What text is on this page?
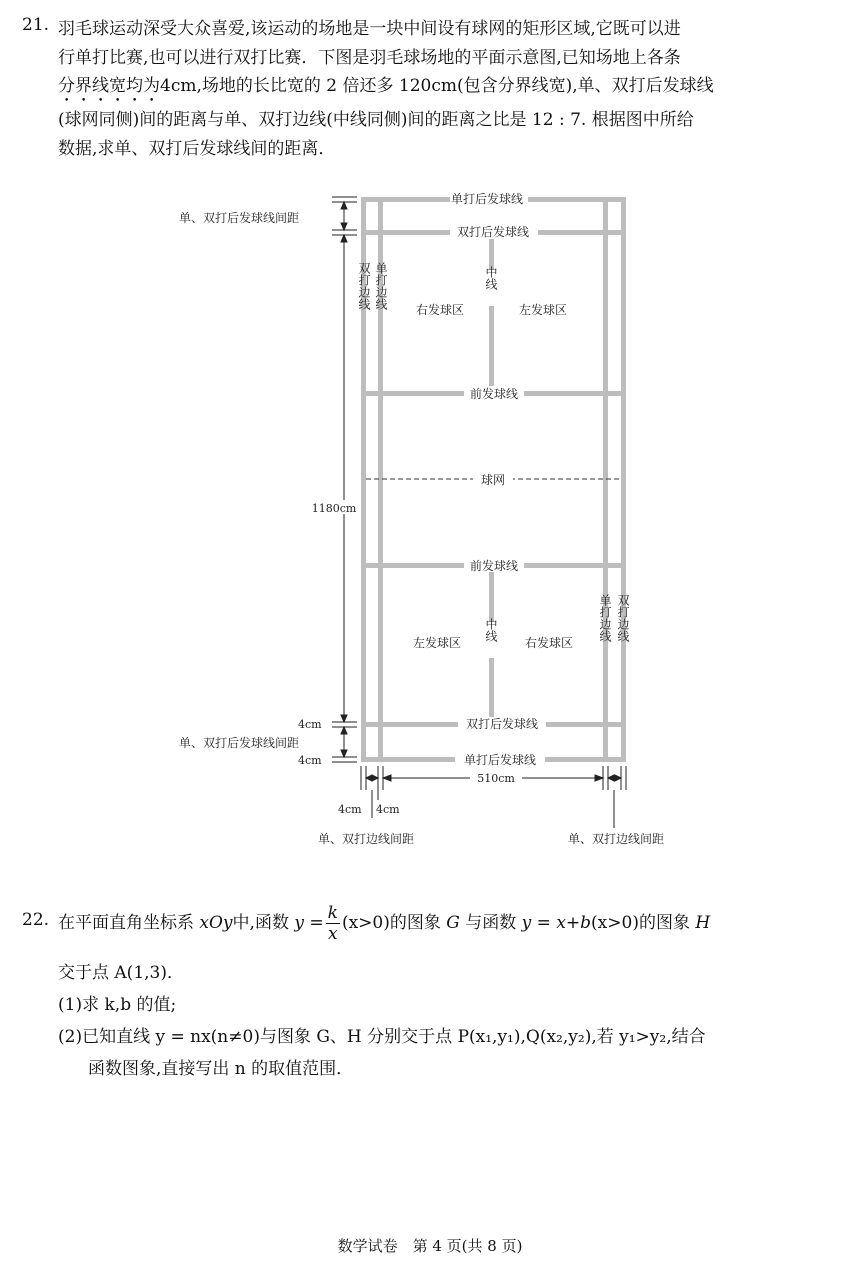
21. 羽毛球运动深受大众喜爱,该运动的场地是一块中间设有球网的矩形区域,它既可以进
行单打比赛,也可以进行双打比赛．下图是羽毛球场地的平面示意图,已知场地上各条
分界线宽均为4cm,场地的长比宽的 2 倍还多 120cm(包含分界线宽),单、双打后发球线
(球网同侧)间的距离与单、双打边线(中线同侧)间的距离之比是 12 : 7. 根据图中所给
数据,求单、双打后发球线间的距离．
单打后发球线
双打后发球线
单、双打后发球线间距
双打边线 单打边线	中线
右发球区	左发球区
前发球线
球网
1180cm
前发球线
左发球区
中线
右发球区
单打边线 双打边线
4cm	双打后发球线
单、双打后发球线间距
4cm	单打后发球线
510cm
4cm 4cm
单、双打边线间距	单、双打边线间距
22. 在平面直角坐标系 xOy中,函数 $y = \frac{k}{x} (x>0)$的图象 G 与函数 y = x+b(x>0)的图象 H
交于点 A(1,3)．
(1)求 k,b 的值;
(2)已知直线 y = nx(n≠0)与图象 G、H 分别交于点 P(x₁,y₁),Q(x₂,y₂),若 y₁>y₂,结合
函数图象,直接写出 n 的取值范围．
数学试卷　第 4 页(共 8 页)
